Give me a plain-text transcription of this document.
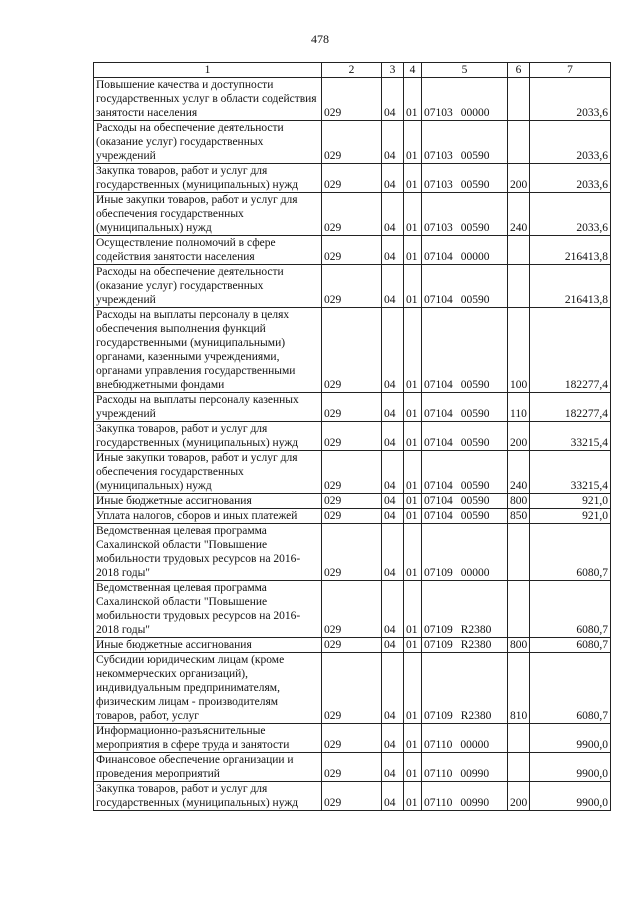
478
1	2	3	4	5	6	7

Повышение качества и доступности государственных услуг в области содействия занятости населения	029	04	01	07103 00000		2033,6

Расходы на обеспечение деятельности (оказание услуг) государственных учреждений	029	04	01	07103 00590		2033,6

Закупка товаров, работ и услуг для государственных (муниципальных) нужд	029	04	01	07103 00590	200	2033,6

Иные закупки товаров, работ и услуг для обеспечения государственных (муниципальных) нужд	029	04	01	07103 00590	240	2033,6

Осуществление полномочий в сфере содействия занятости населения	029	04	01	07104 00000		216413,8

Расходы на обеспечение деятельности (оказание услуг) государственных учреждений	029	04	01	07104 00590		216413,8

Расходы на выплаты персоналу в целях обеспечения выполнения функций государственными (муниципальными) органами, казенными учреждениями, органами управления государственными внебюджетными фондами	029	04	01	07104 00590	100	182277,4

Расходы на выплаты персоналу казенных учреждений	029	04	01	07104 00590	110	182277,4

Закупка товаров, работ и услуг для государственных (муниципальных) нужд	029	04	01	07104 00590	200	33215,4

Иные закупки товаров, работ и услуг для обеспечения государственных (муниципальных) нужд	029	04	01	07104 00590	240	33215,4

Иные бюджетные ассигнования	029	04	01	07104 00590	800	921,0

Уплата налогов, сборов и иных платежей	029	04	01	07104 00590	850	921,0

Ведомственная целевая программа Сахалинской области "Повышение мобильности трудовых ресурсов на 2016-2018 годы"	029	04	01	07109 00000		6080,7

Ведомственная целевая программа Сахалинской области "Повышение мобильности трудовых ресурсов на 2016-2018 годы"	029	04	01	07109 R2380		6080,7

Иные бюджетные ассигнования	029	04	01	07109 R2380	800	6080,7

Субсидии юридическим лицам (кроме некоммерческих организаций), индивидуальным предпринимателям, физическим лицам - производителям товаров, работ, услуг	029	04	01	07109 R2380	810	6080,7

Информационно-разъяснительные мероприятия в сфере труда и занятости	029	04	01	07110 00000		9900,0

Финансовое обеспечение организации и проведения мероприятий	029	04	01	07110 00990		9900,0

Закупка товаров, работ и услуг для государственных (муниципальных) нужд	029	04	01	07110 00990	200	9900,0
